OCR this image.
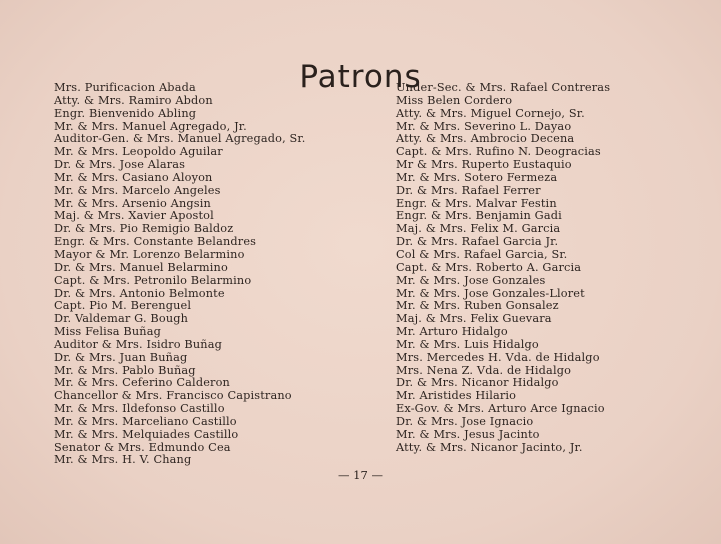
Patrons
Mrs. Purificacion Abada
Atty. & Mrs. Ramiro Abdon
Engr. Bienvenido Abling
Mr. & Mrs. Manuel Agregado, Jr.
Auditor-Gen. & Mrs. Manuel Agregado, Sr.
Mr. & Mrs. Leopoldo Aguilar
Dr. & Mrs. Jose Alaras
Mr. & Mrs. Casiano Aloyon
Mr. & Mrs. Marcelo Angeles
Mr. & Mrs. Arsenio Angsin
Maj. & Mrs. Xavier Apostol
Dr. & Mrs. Pio Remigio Baldoz
Engr. & Mrs. Constante Belandres
Mayor & Mr. Lorenzo Belarmino
Dr. & Mrs. Manuel Belarmino
Capt. & Mrs. Petronilo Belarmino
Dr. & Mrs. Antonio Belmonte
Capt. Pio M. Berenguel
Dr. Valdemar G. Bough
Miss Felisa Buñag
Auditor & Mrs. Isidro Buñag
Dr. & Mrs. Juan Buñag
Mr. & Mrs. Pablo Buñag
Mr. & Mrs. Ceferino Calderon
Chancellor & Mrs. Francisco Capistrano
Mr. & Mrs. Ildefonso Castillo
Mr. & Mrs. Marceliano Castillo
Mr. & Mrs. Melquiades Castillo
Senator & Mrs. Edmundo Cea
Mr. & Mrs. H. V. Chang
Under-Sec. & Mrs. Rafael Contreras
Miss Belen Cordero
Atty. & Mrs. Miguel Cornejo, Sr.
Mr. & Mrs. Severino L. Dayao
Atty. & Mrs. Ambrocio Decena
Capt. & Mrs. Rufino N. Deogracias
Mr & Mrs. Ruperto Eustaquio
Mr. & Mrs. Sotero Fermeza
Dr. & Mrs. Rafael Ferrer
Engr. & Mrs. Malvar Festin
Engr. & Mrs. Benjamin Gadi
Maj. & Mrs. Felix M. Garcia
Dr. & Mrs. Rafael Garcia Jr.
Col & Mrs. Rafael Garcia, Sr.
Capt. & Mrs. Roberto A. Garcia
Mr. & Mrs. Jose Gonzales
Mr. & Mrs. Jose Gonzales-Lloret
Mr. & Mrs. Ruben Gonsalez
Maj. & Mrs. Felix Guevara
Mr. Arturo Hidalgo
Mr. & Mrs. Luis Hidalgo
Mrs. Mercedes H. Vda. de Hidalgo
Mrs. Nena Z. Vda. de Hidalgo
Dr. & Mrs. Nicanor Hidalgo
Mr. Aristides Hilario
Ex-Gov. & Mrs. Arturo Arce Ignacio
Dr. & Mrs. Jose Ignacio
Mr. & Mrs. Jesus Jacinto
Atty. & Mrs. Nicanor Jacinto, Jr.
— 17 —
